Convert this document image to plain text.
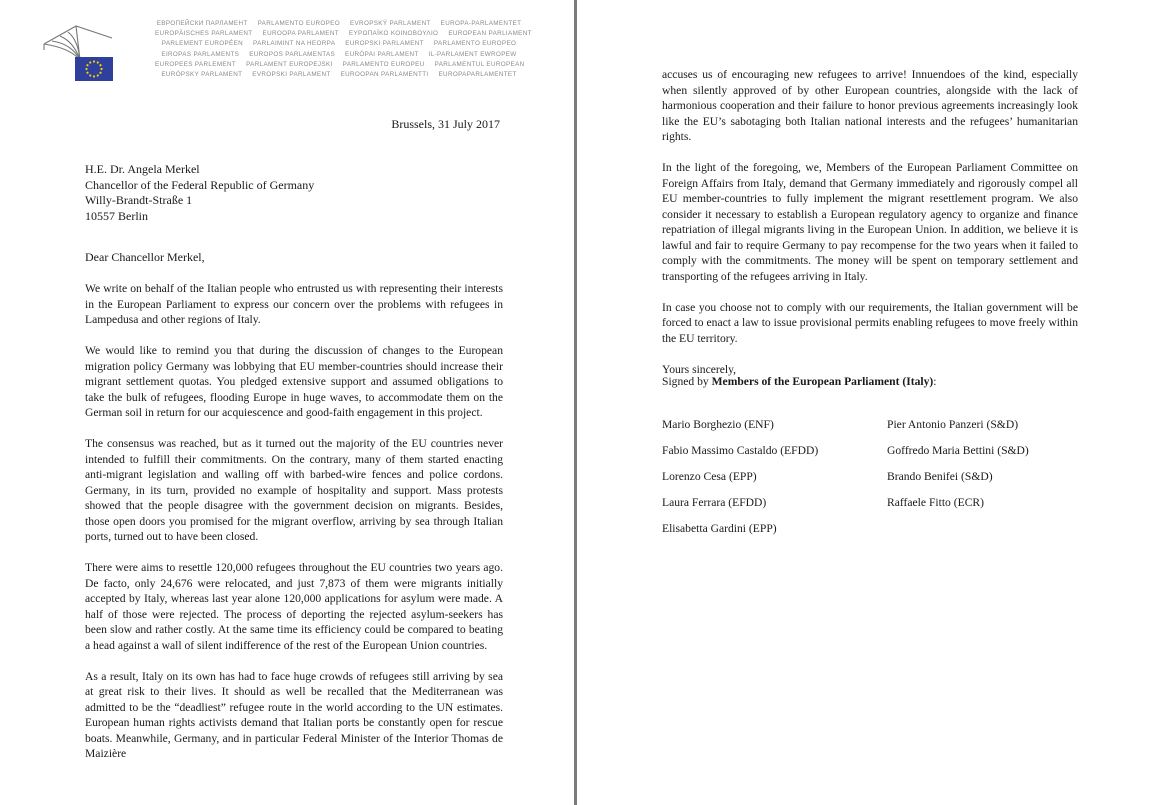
ЕВРОПЕЙСКИ ПАРЛАМЕНТ PARLAMENTO EUROPEO EVROPSKÝ PARLAMENT EUROPA-PARLAMENTET
EUROPÄISCHES PARLAMENT EUROOPA PARLAMENT ΕΥΡΩΠΑΪΚΟ ΚΟΙΝΟΒΟΥΛΙΟ EUROPEAN PARLIAMENT
PARLEMENT EUROPÉEN PARLAIMINT NA HEORPA EUROPSKI PARLAMENT PARLAMENTO EUROPEO
EIROPAS PARLAMENTS EUROPOS PARLAMENTAS EURÓPAI PARLAMENT IL-PARLAMENT EWROPEW
EUROPEES PARLEMENT PARLAMENT EUROPEJSKI PARLAMENTO EUROPEU PARLAMENTUL EUROPEAN
EURÓPSKY PARLAMENT EVROPSKI PARLAMENT EUROOPAN PARLAMENTTI EUROPAPARLAMENTET
Brussels, 31 July 2017
H.E. Dr. Angela Merkel
Chancellor of the Federal Republic of Germany
Willy-Brandt-Straße 1
10557 Berlin
Dear Chancellor Merkel,

We write on behalf of the Italian people who entrusted us with representing their interests in the European Parliament to express our concern over the problems with refugees in Lampedusa and other regions of Italy.

We would like to remind you that during the discussion of changes to the European migration policy Germany was lobbying that EU member-countries should increase their migrant settlement quotas. You pledged extensive support and assumed obligations to take the bulk of refugees, flooding Europe in huge waves, to accommodate them on the German soil in return for our acquiescence and good-faith engagement in this project.

The consensus was reached, but as it turned out the majority of the EU countries never intended to fulfill their commitments. On the contrary, many of them started enacting anti-migrant legislation and walling off with barbed-wire fences and police cordons. Germany, in its turn, provided no example of hospitality and support. Mass protests showed that the people disagree with the government decision on migrants. Besides, those open doors you promised for the migrant overflow, arriving by sea through Italian ports, turned out to have been closed.

There were aims to resettle 120,000 refugees throughout the EU countries two years ago. De facto, only 24,676 were relocated, and just 7,873 of them were migrants initially accepted by Italy, whereas last year alone 120,000 applications for asylum were made. A half of those were rejected. The process of deporting the rejected asylum-seekers has been slow and rather costly. At the same time its efficiency could be compared to beating a head against a wall of silent indifference of the rest of the European Union countries.

As a result, Italy on its own has had to face huge crowds of refugees still arriving by sea at great risk to their lives. It should as well be recalled that the Mediterranean was admitted to be the “deadliest” refugee route in the world according to the UN estimates. European human rights activists demand that Italian ports be constantly open for rescue boats. Meanwhile, Germany, and in particular Federal Minister of the Interior Thomas de Maizière

accuses us of encouraging new refugees to arrive! Innuendoes of the kind, especially when silently approved of by other European countries, alongside with the lack of harmonious cooperation and their failure to honor previous agreements increasingly look like the EU’s sabotaging both Italian national interests and the refugees’ humanitarian rights.

In the light of the foregoing, we, Members of the European Parliament Committee on Foreign Affairs from Italy, demand that Germany immediately and rigorously compel all EU member-countries to fully implement the migrant resettlement program. We also consider it necessary to establish a European regulatory agency to organize and finance repatriation of illegal migrants living in the European Union. In addition, we believe it is lawful and fair to require Germany to pay recompense for the two years when it failed to comply with the commitments. The money will be spent on temporary settlement and transporting of the refugees arriving in Italy.

In case you choose not to comply with our requirements, the Italian government will be forced to enact a law to issue provisional permits enabling refugees to move freely within the EU territory.

Yours sincerely,

Signed by Members of the European Parliament (Italy):
Mario Borghezio (ENF)	Pier Antonio Panzeri (S&D)
Fabio Massimo Castaldo (EFDD)	Goffredo Maria Bettini (S&D)
Lorenzo Cesa (EPP)	Brando Benifei (S&D)
Laura Ferrara (EFDD)	Raffaele Fitto (ECR)
Elisabetta Gardini (EPP)
